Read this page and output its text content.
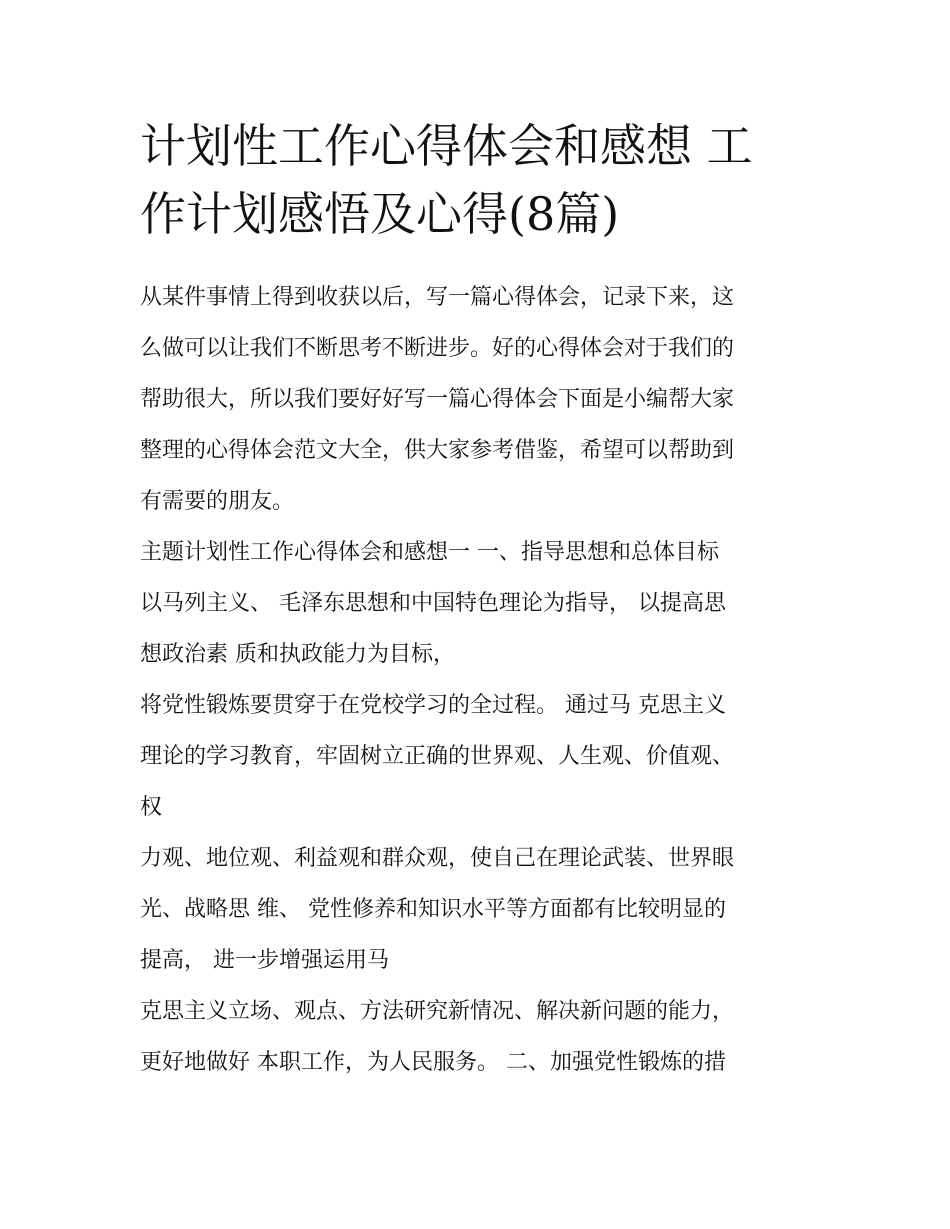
计划性工作心得体会和感想 工
作计划感悟及心得(8篇)
从某件事情上得到收获以后，写一篇心得体会，记录下来，这
么做可以让我们不断思考不断进步。好的心得体会对于我们的
帮助很大，所以我们要好好写一篇心得体会下面是小编帮大家
整理的心得体会范文大全，供大家参考借鉴，希望可以帮助到
有需要的朋友。
主题计划性工作心得体会和感想一 一、指导思想和总体目标
以马列主义、 毛泽东思想和中国特色理论为指导， 以提高思
想政治素 质和执政能力为目标，
将党性锻炼要贯穿于在党校学习的全过程。 通过马 克思主义
理论的学习教育，牢固树立正确的世界观、人生观、价值观、
权
力观、地位观、利益观和群众观，使自己在理论武装、世界眼
光、战略思 维、 党性修养和知识水平等方面都有比较明显的
提高， 进一步增强运用马
克思主义立场、观点、方法研究新情况、解决新问题的能力，
更好地做好 本职工作，为人民服务。 二、加强党性锻炼的措
